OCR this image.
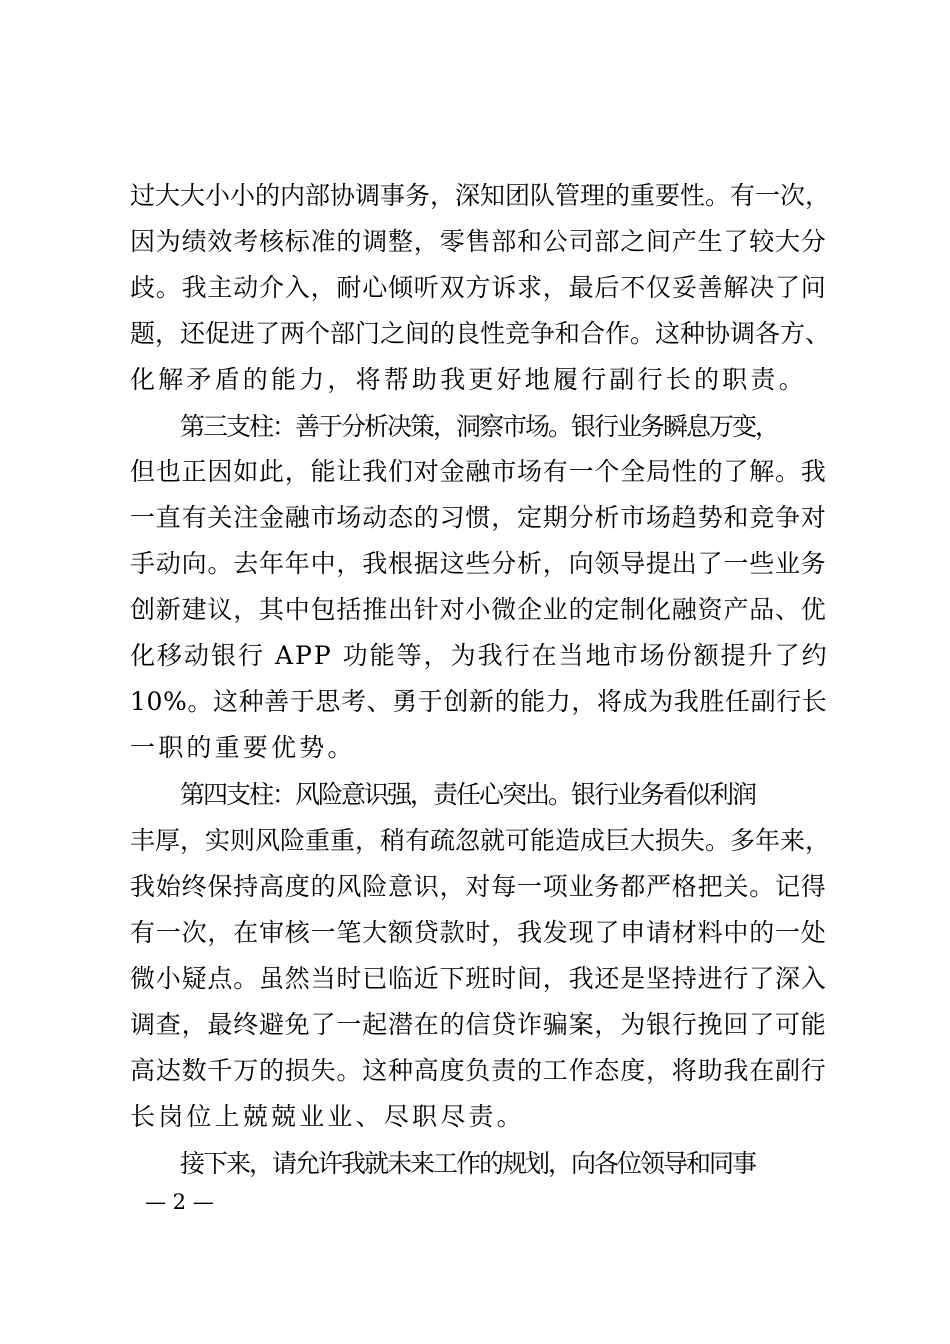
过大大小小的内部协调事务，深知团队管理的重要性。有一次，
因为绩效考核标准的调整，零售部和公司部之间产生了较大分
歧。我主动介入，耐心倾听双方诉求，最后不仅妥善解决了问
题，还促进了两个部门之间的良性竞争和合作。这种协调各方、
化解矛盾的能力，将帮助我更好地履行副行长的职责。
第三支柱：善于分析决策，洞察市场。银行业务瞬息万变，
但也正因如此，能让我们对金融市场有一个全局性的了解。我
一直有关注金融市场动态的习惯，定期分析市场趋势和竞争对
手动向。去年年中，我根据这些分析，向领导提出了一些业务
创新建议，其中包括推出针对小微企业的定制化融资产品、优
化移动银行 APP 功能等，为我行在当地市场份额提升了约
10%。这种善于思考、勇于创新的能力，将成为我胜任副行长
一职的重要优势。
第四支柱：风险意识强，责任心突出。银行业务看似利润
丰厚，实则风险重重，稍有疏忽就可能造成巨大损失。多年来，
我始终保持高度的风险意识，对每一项业务都严格把关。记得
有一次，在审核一笔大额贷款时，我发现了申请材料中的一处
微小疑点。虽然当时已临近下班时间，我还是坚持进行了深入
调查，最终避免了一起潜在的信贷诈骗案，为银行挽回了可能
高达数千万的损失。这种高度负责的工作态度，将助我在副行
长岗位上兢兢业业、尽职尽责。
接下来，请允许我就未来工作的规划，向各位领导和同事
— 2 —
